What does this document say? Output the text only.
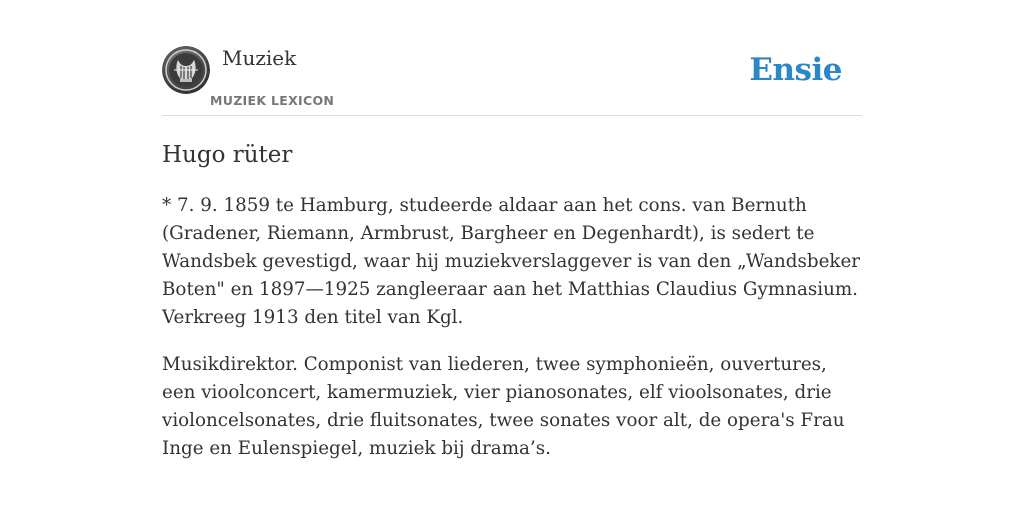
Muziek
MUZIEK LEXICON
Ensie
Hugo rüter

* 7. 9. 1859 te Hamburg, studeerde aldaar aan het cons. van Bernuth (Gradener, Riemann, Armbrust, Bargheer en Degenhardt), is sedert te Wandsbek gevestigd, waar hij muziekverslaggever is van den „Wandsbeker Boten" en 1897—1925 zangleeraar aan het Matthias Claudius Gymnasium. Verkreeg 1913 den titel van Kgl.

Musikdirektor. Componist van liederen, twee symphonieën, ouvertures, een vioolconcert, kamermuziek, vier pianosonates, elf vioolsonates, drie violoncelsonates, drie fluitsonates, twee sonates voor alt, de opera's Frau Inge en Eulenspiegel, muziek bij drama’s.
